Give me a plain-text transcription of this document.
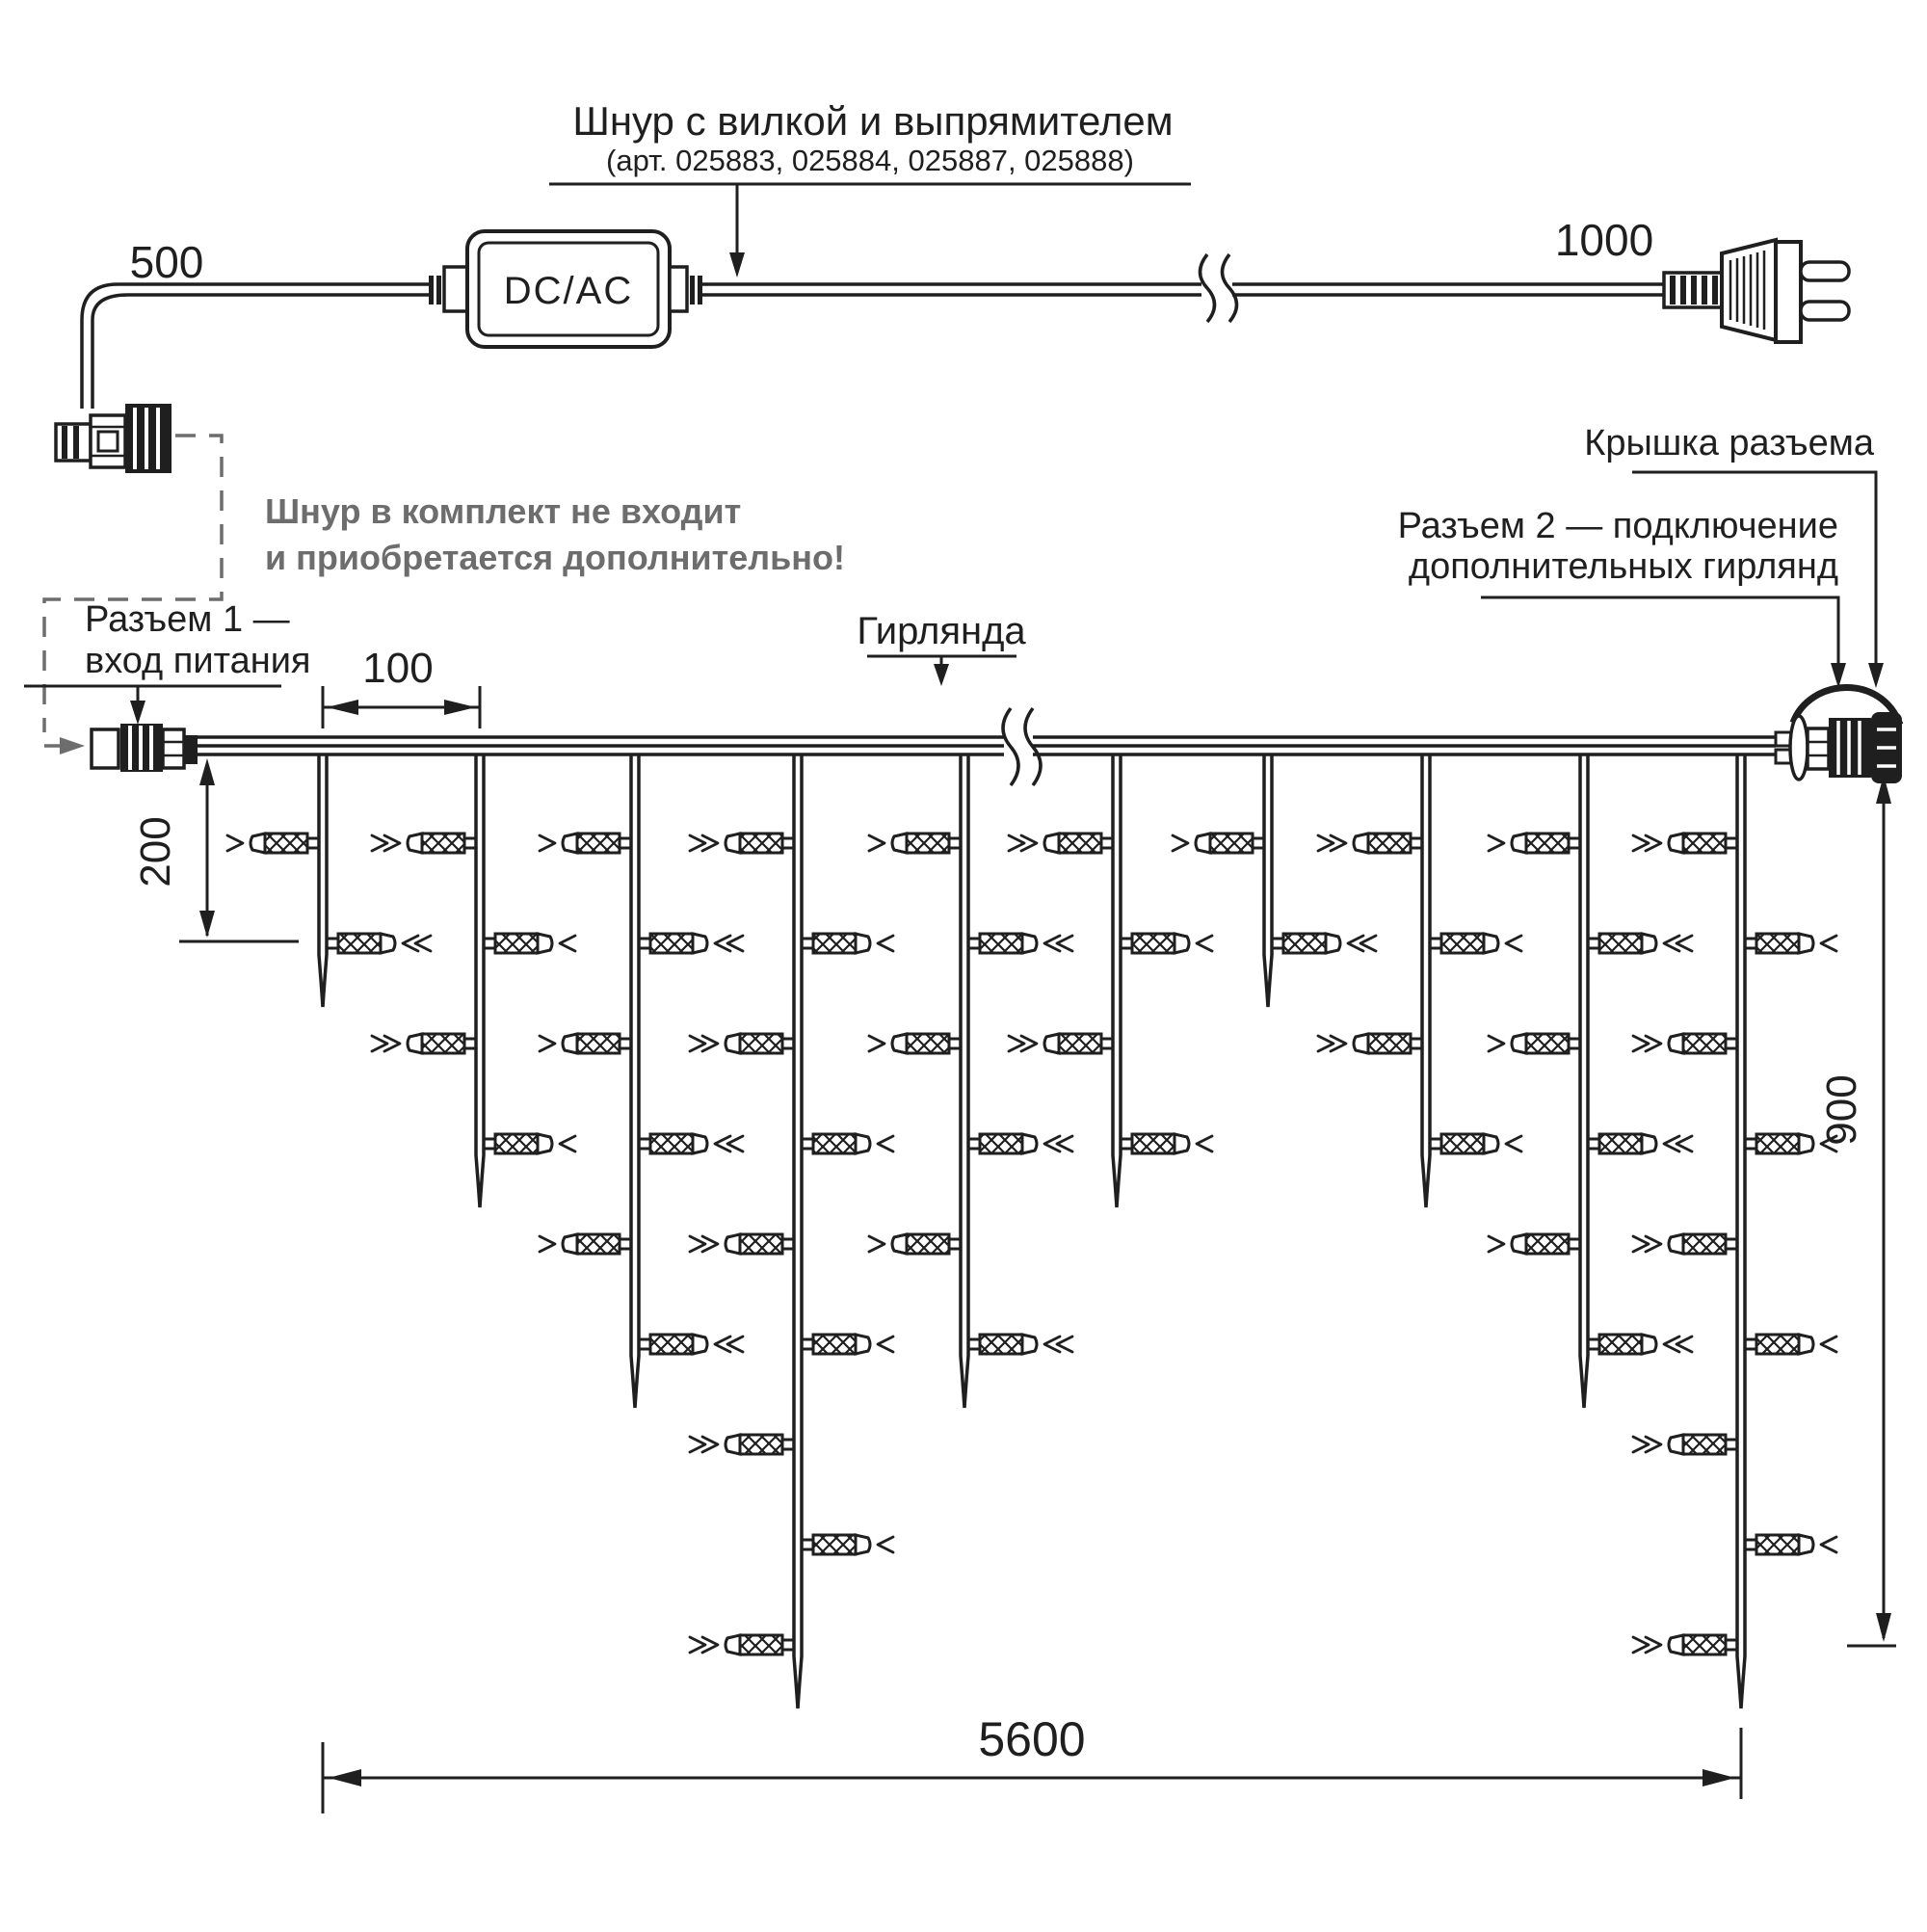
DC/AC
500	1000
Шнур с вилкой и выпрямителем
(арт. 025883, 025884, 025887, 025888)
Шнур в комплект не входит
и приобретается дополнительно!
Разъем 1 —
вход питания
Гирлянда
Крышка разъема
Разъем 2 — подключение
дополнительных гирлянд
100
200
900
5600
